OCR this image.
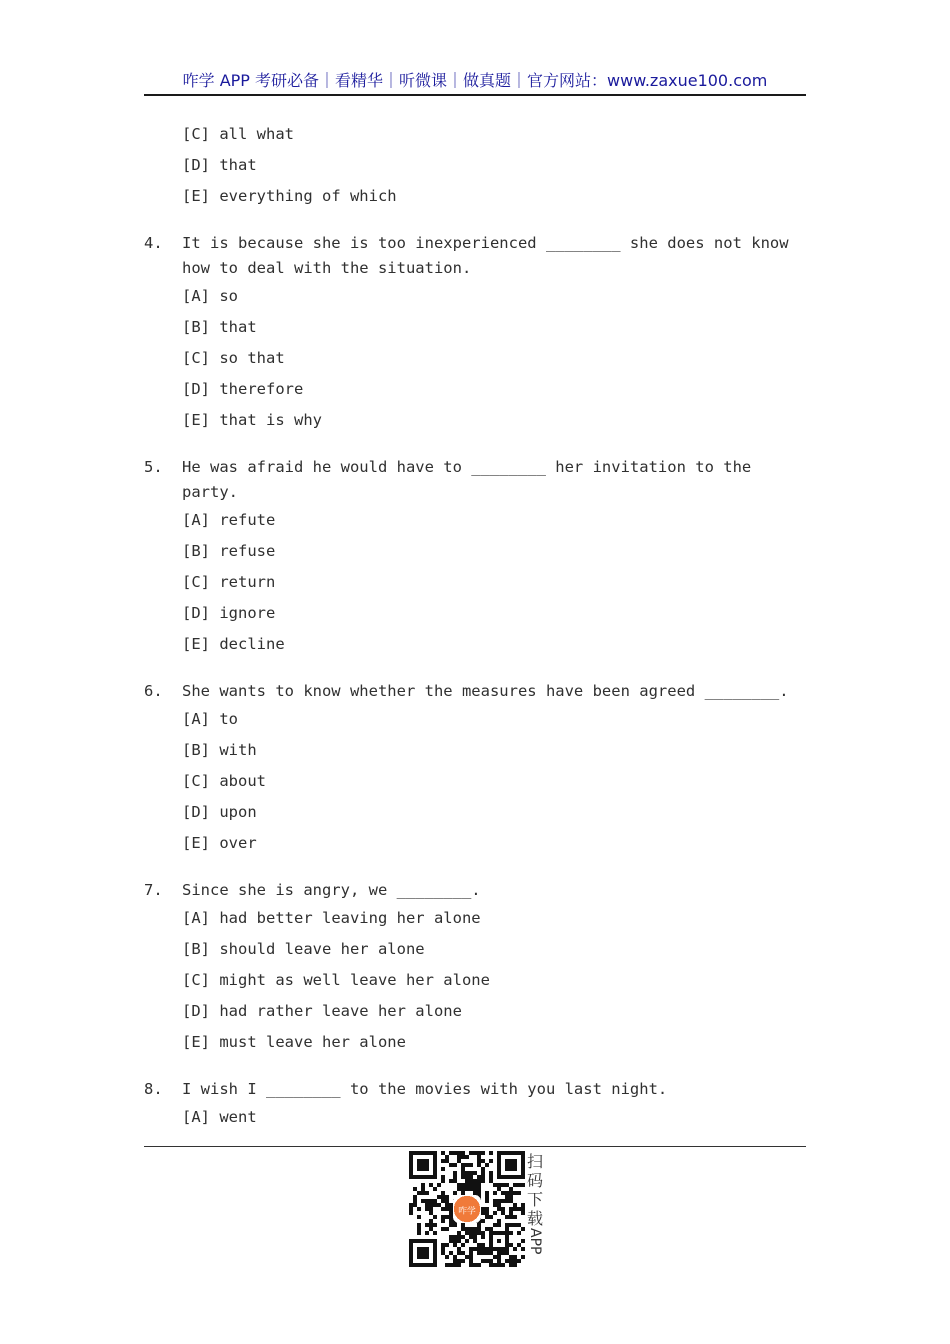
咋学 APP 考研必备｜看精华｜听微课｜做真题｜官方网站：www.zaxue100.com
[C] all what
[D] that
[E] everything of which
4.	It is because she is too inexperienced ________ she does not know how to deal with the situation.
[A] so
[B] that
[C] so that
[D] therefore
[E] that is why
5.	He was afraid he would have to ________ her invitation to the party.
[A] refute
[B] refuse
[C] return
[D] ignore
[E] decline
6.	She wants to know whether the measures have been agreed ________.
[A] to
[B] with
[C] about
[D] upon
[E] over
7.	Since she is angry, we ________.
[A] had better leaving her alone
[B] should leave her alone
[C] might as well leave her alone
[D] had rather leave her alone
[E] must leave her alone
8.	I wish I ________ to the movies with you last night.
[A] went
咋学
扫
码
下
载
APP
